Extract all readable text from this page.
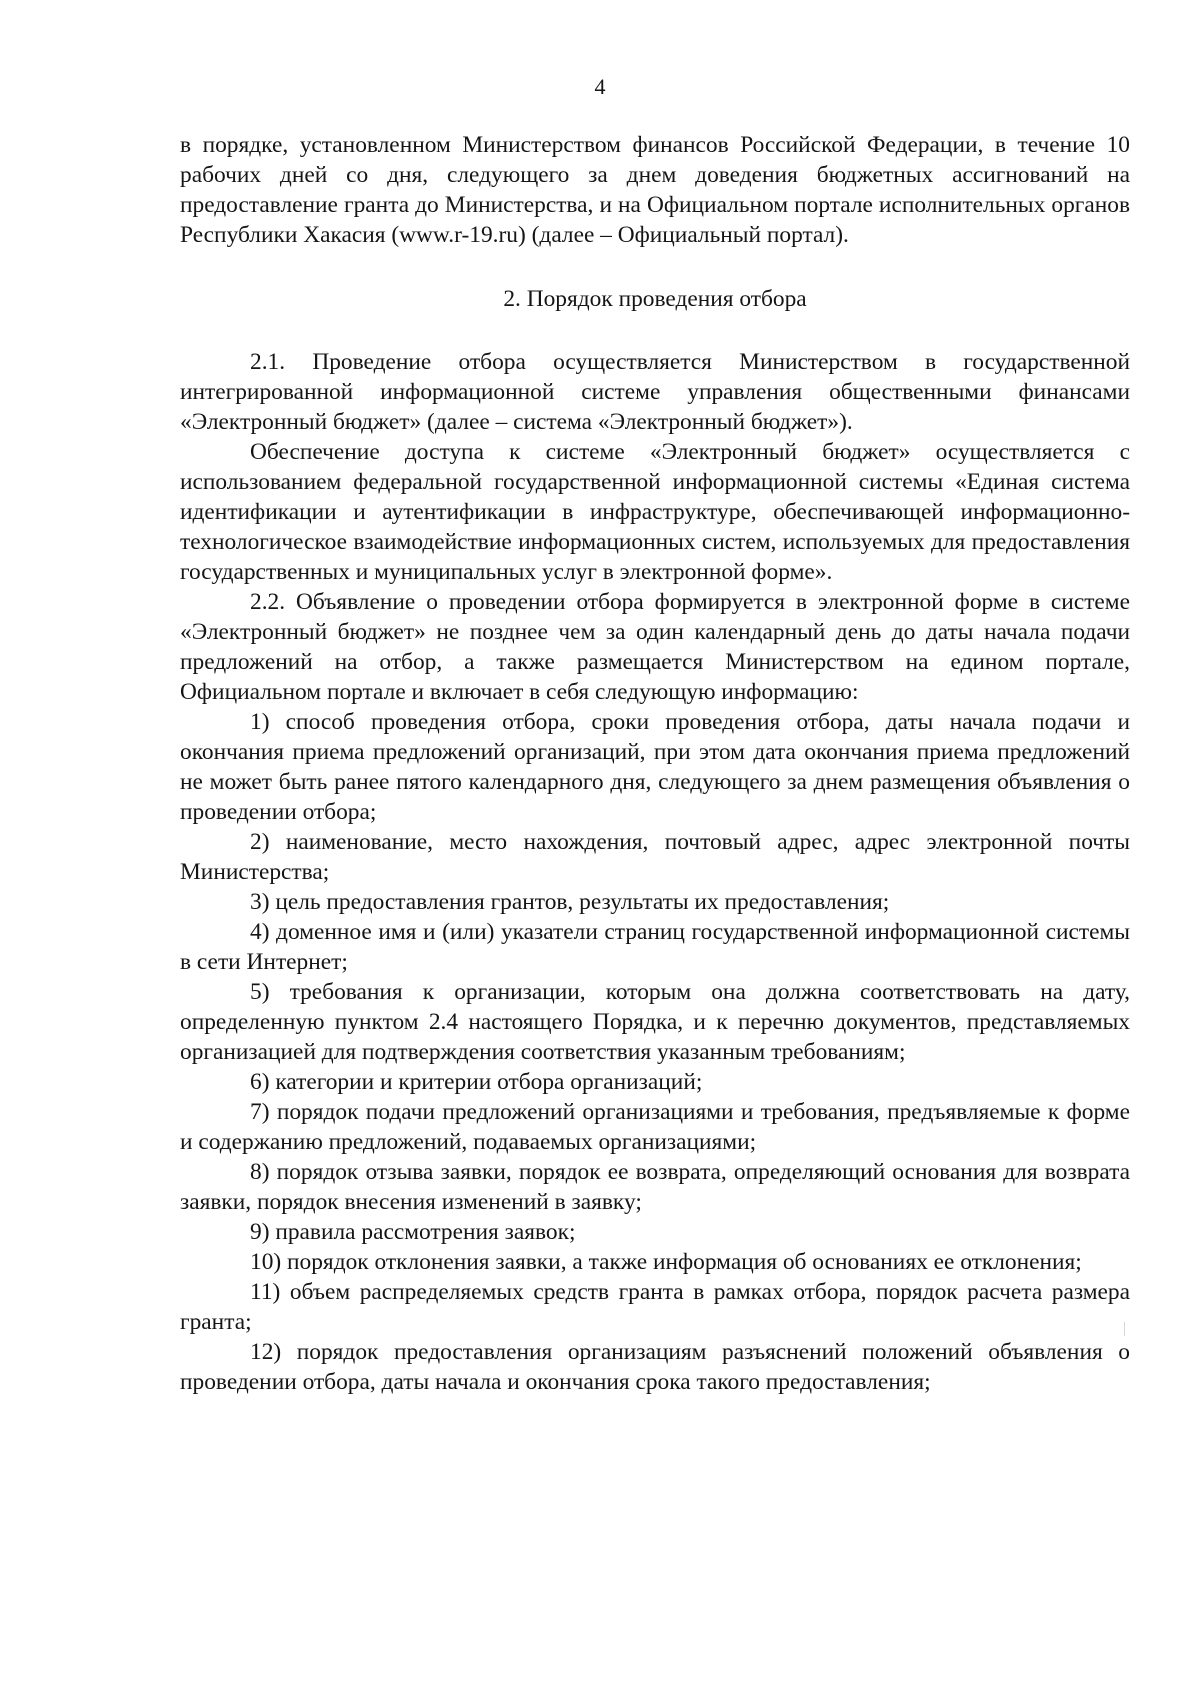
4

в порядке, установленном Министерством финансов Российской Федерации, в течение 10 рабочих дней со дня, следующего за днем доведения бюджетных ассигнований на предоставление гранта до Министерства, и на Официальном портале исполнительных органов Республики Хакасия (www.r-19.ru) (далее – Официальный портал).

2. Порядок проведения отбора

2.1. Проведение отбора осуществляется Министерством в государственной интегрированной информационной системе управления общественными финансами «Электронный бюджет» (далее – система «Электронный бюджет»).

Обеспечение доступа к системе «Электронный бюджет» осуществляется с использованием федеральной государственной информационной системы «Единая система идентификации и аутентификации в инфраструктуре, обеспечивающей информационно-технологическое взаимодействие информационных систем, используемых для предоставления государственных и муниципальных услуг в электронной форме».

2.2. Объявление о проведении отбора формируется в электронной форме в системе «Электронный бюджет» не позднее чем за один календарный день до даты начала подачи предложений на отбор, а также размещается Министерством на едином портале, Официальном портале и включает в себя следующую информацию:

1) способ проведения отбора, сроки проведения отбора, даты начала подачи и окончания приема предложений организаций, при этом дата окончания приема предложений не может быть ранее пятого календарного дня, следующего за днем размещения объявления о проведении отбора;

2) наименование, место нахождения, почтовый адрес, адрес электронной почты Министерства;

3) цель предоставления грантов, результаты их предоставления;

4) доменное имя и (или) указатели страниц государственной информационной системы в сети Интернет;

5) требования к организации, которым она должна соответствовать на дату, определенную пунктом 2.4 настоящего Порядка, и к перечню документов, представляемых организацией для подтверждения соответствия указанным требованиям;

6) категории и критерии отбора организаций;

7) порядок подачи предложений организациями и требования, предъявляемые к форме и содержанию предложений, подаваемых организациями;

8) порядок отзыва заявки, порядок ее возврата, определяющий основания для возврата заявки, порядок внесения изменений в заявку;

9) правила рассмотрения заявок;

10) порядок отклонения заявки, а также информация об основаниях ее отклонения;

11) объем распределяемых средств гранта в рамках отбора, порядок расчета размера гранта;

12) порядок предоставления организациям разъяснений положений объявления о проведении отбора, даты начала и окончания срока такого предоставления;
